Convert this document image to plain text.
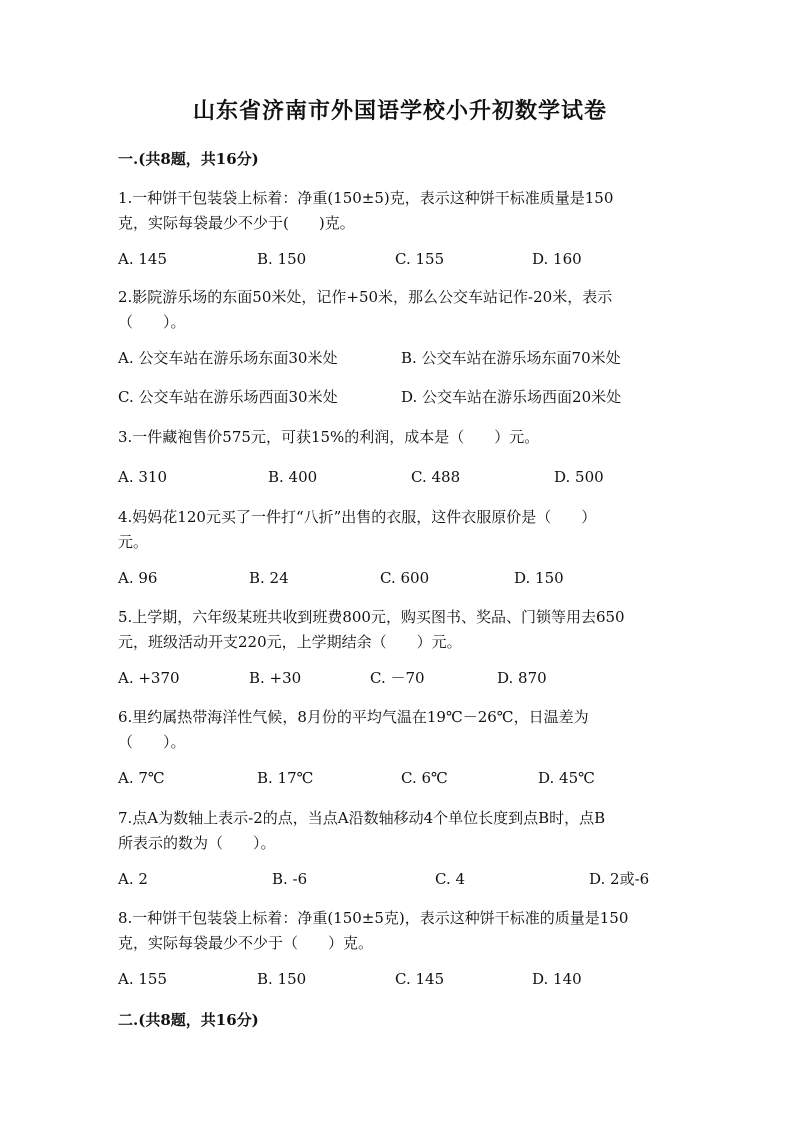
山东省济南市外国语学校小升初数学试卷
一.(共8题，共16分)
1.一种饼干包装袋上标着：净重(150±5)克，表示这种饼干标准质量是150
克，实际每袋最少不少于(　　)克。
A. 145	B. 150	C. 155	D. 160
2.影院游乐场的东面50米处，记作+50米，那么公交车站记作-20米，表示
（　　）。
A. 公交车站在游乐场东面30米处	B. 公交车站在游乐场东面70米处
C. 公交车站在游乐场西面30米处	D. 公交车站在游乐场西面20米处
3.一件藏袍售价575元，可获15%的利润，成本是（　　）元。
A. 310	B. 400	C. 488	D. 500
4.妈妈花120元买了一件打“八折”出售的衣服，这件衣服原价是（　　）
元。
A. 96	B. 24	C. 600	D. 150
5.上学期，六年级某班共收到班费800元，购买图书、奖品、门锁等用去650
元，班级活动开支220元，上学期结余（　　）元。
A. +370	B. +30	C. －70	D. 870
6.里约属热带海洋性气候，8月份的平均气温在19℃－26℃，日温差为
（　　）。
A. 7℃	B. 17℃	C. 6℃	D. 45℃
7.点A为数轴上表示-2的点，当点A沿数轴移动4个单位长度到点B时，点B
所表示的数为（　　）。
A. 2	B. -6	C. 4	D. 2或-6
8.一种饼干包装袋上标着：净重(150±5克)，表示这种饼干标准的质量是150
克，实际每袋最少不少于（　　）克。
A. 155	B. 150	C. 145	D. 140
二.(共8题，共16分)
